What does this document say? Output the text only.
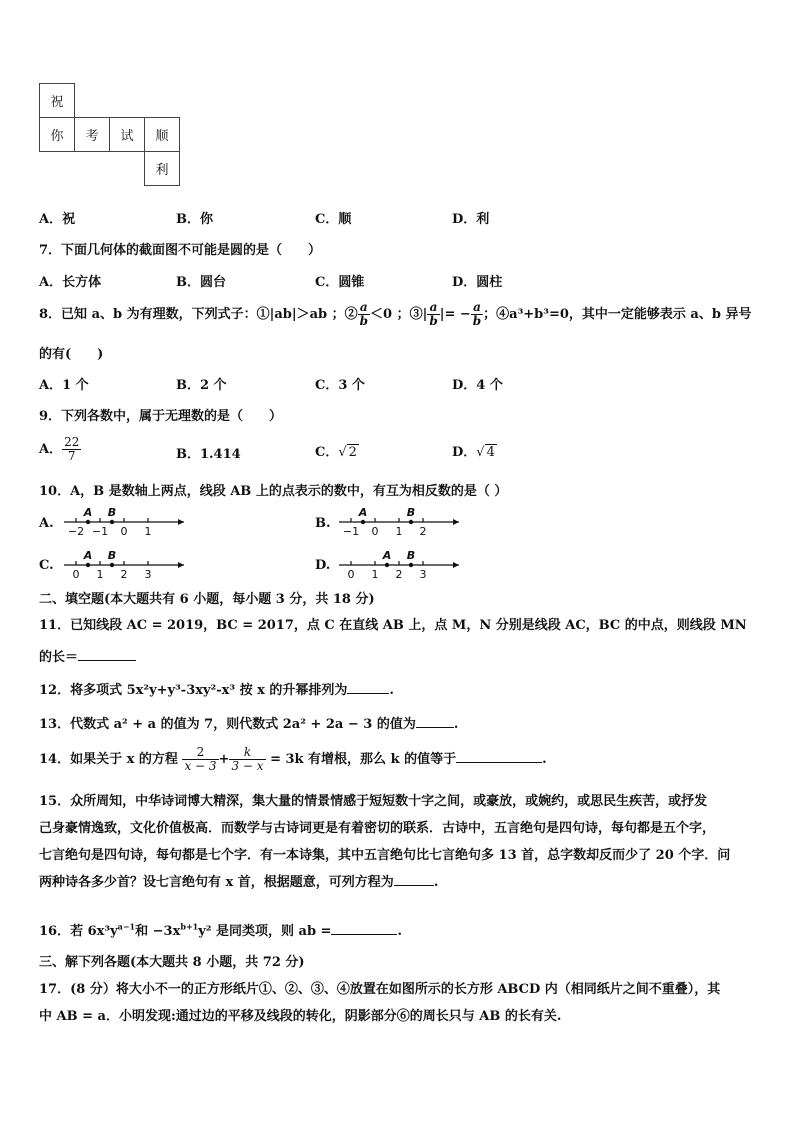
祝			
你	考	试	顺
			利
A．祝	B．你	C．顺	D．利
7．下面几何体的截面图不可能是圆的是（　　）
A．长方体	B．圆台	C．圆锥	D．圆柱
8．已知 a、b 为有理数，下列式子：①|ab|＞ab ；② $\frac{a}{b} <0$ ；③| $\frac{a}{b}$ |= − $\frac{a}{b}$ ；④a³+b³=0，其中一定能够表示 a、b 异号
的有(　　)
A．1 个	B．2 个	C．3 个	D．4 个
9．下列各数中，属于无理数的是（　　）
A． $\frac{22}{7}$	B．1.414	C．√ 2	D．√ 4
10．A，B 是数轴上两点，线段 AB 上的点表示的数中，有互为相反数的是（ ）
A.	B.
C.	D.
−2 −1 0 1
A B
−1 0 1 2
A	B
0 1 2 3
A B
0 1 2 3
A B
二、填空题(本大题共有 6 小题，每小题 3 分，共 18 分)
11．已知线段 AC = 2019，BC = 2017，点 C 在直线 AB 上，点 M，N 分别是线段 AC，BC 的中点，则线段 MN
的长＝
12．将多项式 5x²y+y³-3xy²-x³ 按 x 的升幂排列为	.
13．代数式 a² + a 的值为 7，则代数式 2a² + 2a − 3 的值为	.
14．如果关于 x 的方程 $\frac{2}{x - 3} + \frac{k}{3 - x} = 3k$ 有增根，那么 k 的值等于	.
15．众所周知，中华诗词博大精深，集大量的情景情感于短短数十字之间，或豪放，或婉约，或思民生疾苦，或抒发
己身豪情逸致，文化价值极高．而数学与古诗词更是有着密切的联系．古诗中，五言绝句是四句诗，每句都是五个字，
七言绝句是四句诗，每句都是七个字．有一本诗集，其中五言绝句比七言绝句多 13 首，总字数却反而少了 20 个字．问
两种诗各多少首？设七言绝句有 x 首，根据题意，可列方程为	.
16．若 $6x^3y^{a-1}$和 $-3x^{b+1}y^2$ 是同类项，则 ab =	.
三、解下列各题(本大题共 8 小题，共 72 分)
17．(8 分）将大小不一的正方形纸片①、②、③、④放置在如图所示的长方形 ABCD 内（相同纸片之间不重叠），其
中 AB = a．小明发现:通过边的平移及线段的转化，阴影部分⑥的周长只与 AB 的长有关.
